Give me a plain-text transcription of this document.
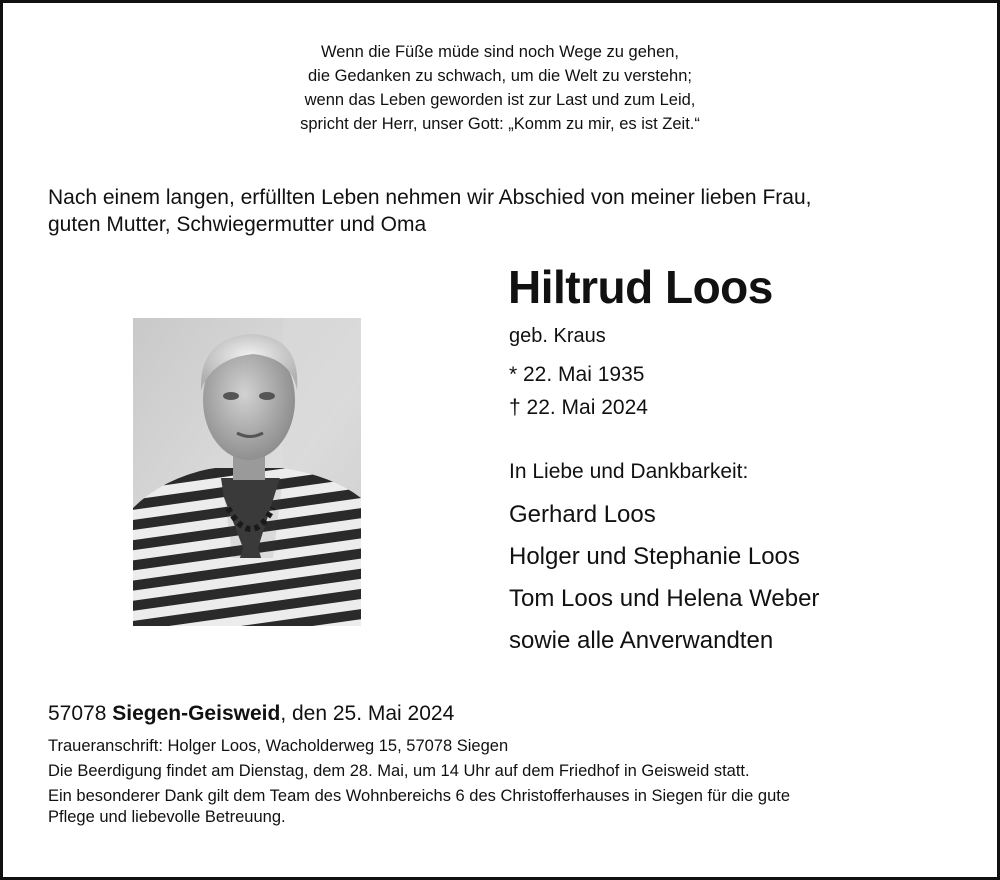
Wenn die Füße müde sind noch Wege zu gehen,
die Gedanken zu schwach, um die Welt zu verstehn;
wenn das Leben geworden ist zur Last und zum Leid,
spricht der Herr, unser Gott: „Komm zu mir, es ist Zeit.“
Nach einem langen, erfüllten Leben nehmen wir Abschied von meiner lieben Frau,
guten Mutter, Schwiegermutter und Oma
Hiltrud Loos
geb. Kraus
* 22. Mai 1935
† 22. Mai 2024
In Liebe und Dankbarkeit:
Gerhard Loos
Holger und Stephanie Loos
Tom Loos und Helena Weber
sowie alle Anverwandten
57078 Siegen-Geisweid, den 25. Mai 2024
Traueranschrift: Holger Loos, Wacholderweg 15, 57078 Siegen
Die Beerdigung findet am Dienstag, dem 28. Mai, um 14 Uhr auf dem Friedhof in Geisweid statt.
Ein besonderer Dank gilt dem Team des Wohnbereichs 6 des Christofferhauses in Siegen für die gute
Pflege und liebevolle Betreuung.
